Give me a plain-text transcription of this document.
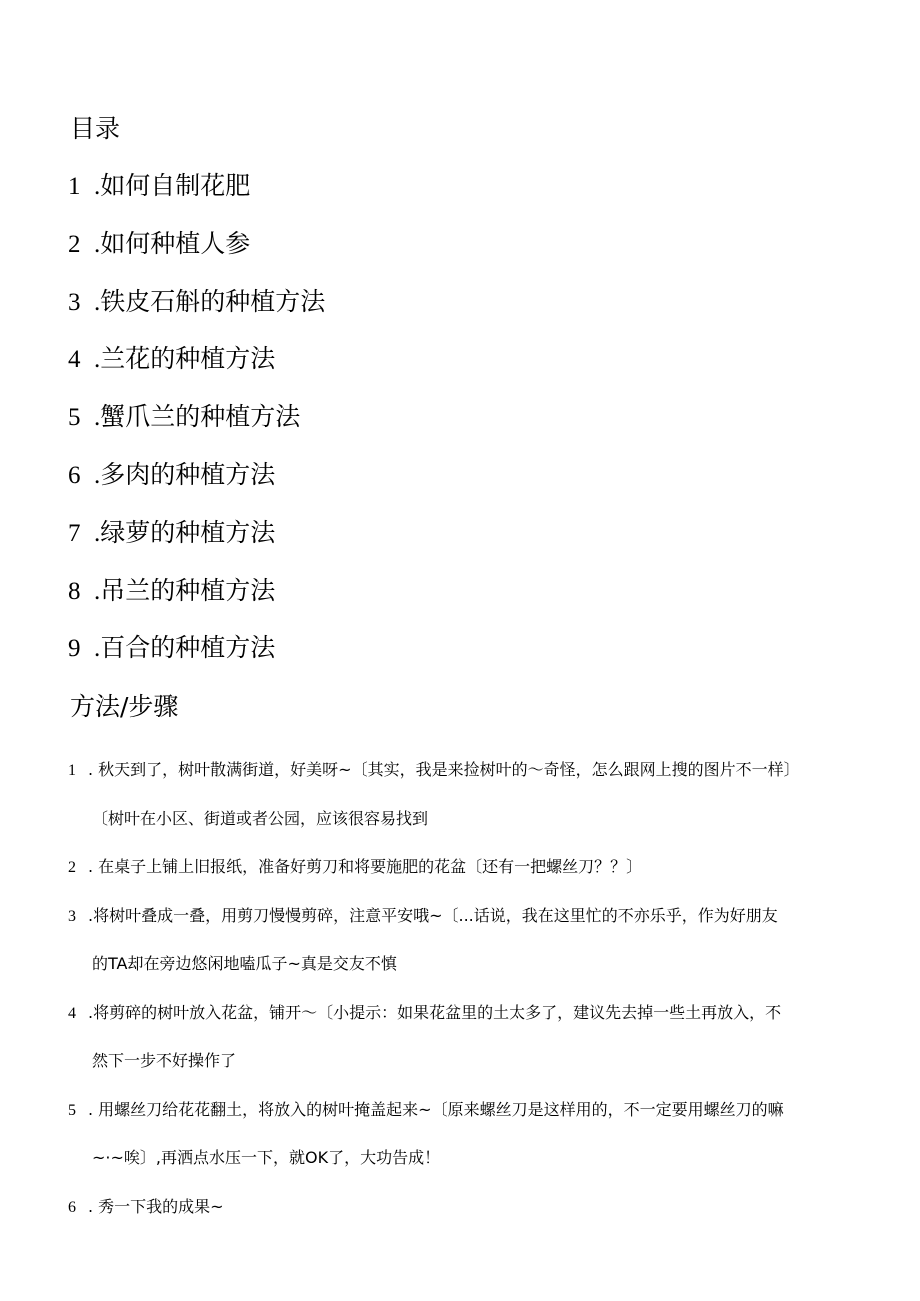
目录
1 .如何自制花肥
2 .如何种植人参
3 .铁皮石斛的种植方法
4 .兰花的种植方法
5 .蟹爪兰的种植方法
6 .多肉的种植方法
7 .绿萝的种植方法
8 .吊兰的种植方法
9 .百合的种植方法
方法/步骤
1 . 秋天到了，树叶散满街道，好美呀~〔其实，我是来捡树叶的〜奇怪，怎么跟网上搜的图片不一样〕
〔树叶在小区、街道或者公园，应该很容易找到
2 . 在桌子上铺上旧报纸，准备好剪刀和将要施肥的花盆〔还有一把螺丝刀？？〕
3 .将树叶叠成一叠，用剪刀慢慢剪碎，注意平安哦~〔...话说，我在这里忙的不亦乐乎，作为好朋友
的TA却在旁边悠闲地嗑瓜子~真是交友不慎
4 .将剪碎的树叶放入花盆，铺开〜〔小提示：如果花盆里的土太多了，建议先去掉一些土再放入，不
然下一步不好操作了
5 . 用螺丝刀给花花翻土，将放入的树叶掩盖起来~〔原来螺丝刀是这样用的，不一定要用螺丝刀的嘛
~·~唉〕,再洒点水压一下，就OK了，大功告成！
6 . 秀一下我的成果~
